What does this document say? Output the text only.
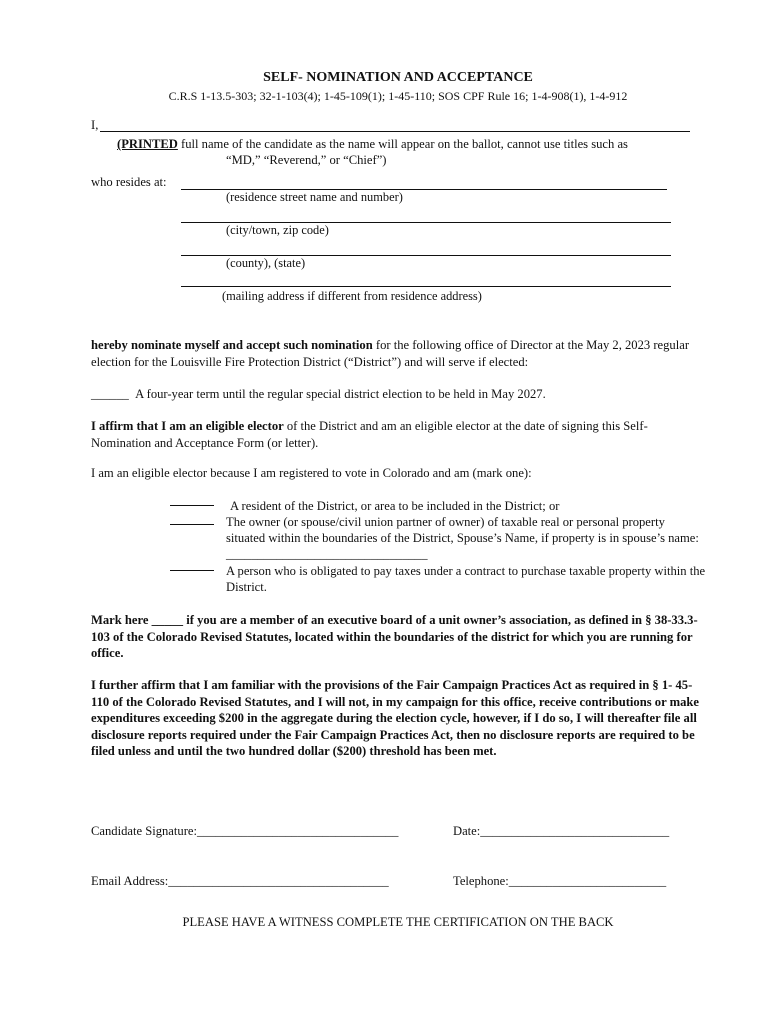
SELF- NOMINATION AND ACCEPTANCE
C.R.S 1-13.5-303; 32-1-103(4); 1-45-109(1); 1-45-110; SOS CPF Rule 16; 1-4-908(1), 1-4-912
I,
(PRINTED full name of the candidate as the name will appear on the ballot, cannot use titles such as
“MD,” “Reverend,” or “Chief”)
who resides at:
(residence street name and number)
(city/town, zip code)
(county), (state)
(mailing address if different from residence address)
hereby nominate myself and accept such nomination for the following office of Director at the May 2, 2023 regular election for the Louisville Fire Protection District (“District”) and will serve if elected:
______ A four-year term until the regular special district election to be held in May 2027.
I affirm that I am an eligible elector of the District and am an eligible elector at the date of signing this Self-Nomination and Acceptance Form (or letter).
I am an eligible elector because I am registered to vote in Colorado and am (mark one):
A resident of the District, or area to be included in the District; or
The owner (or spouse/civil union partner of owner) of taxable real or personal property situated within the boundaries of the District, Spouse’s Name, if property is in spouse’s name: ________________________________
A person who is obligated to pay taxes under a contract to purchase taxable property within the District.
Mark here _____ if you are a member of an executive board of a unit owner’s association, as defined in § 38-33.3-103 of the Colorado Revised Statutes, located within the boundaries of the district for which you are running for office.
I further affirm that I am familiar with the provisions of the Fair Campaign Practices Act as required in § 1- 45-110 of the Colorado Revised Statutes, and I will not, in my campaign for this office, receive contributions or make expenditures exceeding $200 in the aggregate during the election cycle, however, if I do so, I will thereafter file all disclosure reports required under the Fair Campaign Practices Act, then no disclosure reports are required to be filed unless and until the two hundred dollar ($200) threshold has been met.
Candidate Signature:________________________________	Date:______________________________
Email Address:___________________________________	Telephone:_________________________
PLEASE HAVE A WITNESS COMPLETE THE CERTIFICATION ON THE BACK
